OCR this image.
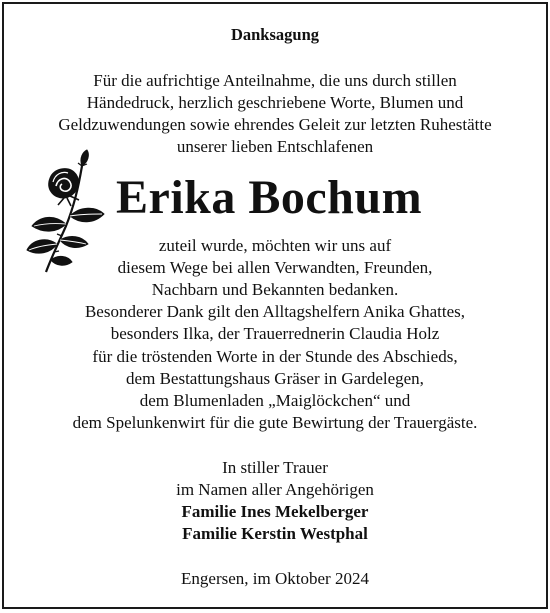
Danksagung
Für die aufrichtige Anteilnahme, die uns durch stillen
Händedruck, herzlich geschriebene Worte, Blumen und
Geldzuwendungen sowie ehrendes Geleit zur letzten Ruhestätte
unserer lieben Entschlafenen
Erika Bochum
zuteil wurde, möchten wir uns auf
diesem Wege bei allen Verwandten, Freunden,
Nachbarn und Bekannten bedanken.
Besonderer Dank gilt den Alltagshelfern Anika Ghattes,
besonders Ilka, der Trauerrednerin Claudia Holz
für die tröstenden Worte in der Stunde des Abschieds,
dem Bestattungshaus Gräser in Gardelegen,
dem Blumenladen „Maiglöckchen“ und
dem Spelunkenwirt für die gute Bewirtung der Trauergäste.
In stiller Trauer
im Namen aller Angehörigen
Familie Ines Mekelberger
Familie Kerstin Westphal
Engersen, im Oktober 2024
